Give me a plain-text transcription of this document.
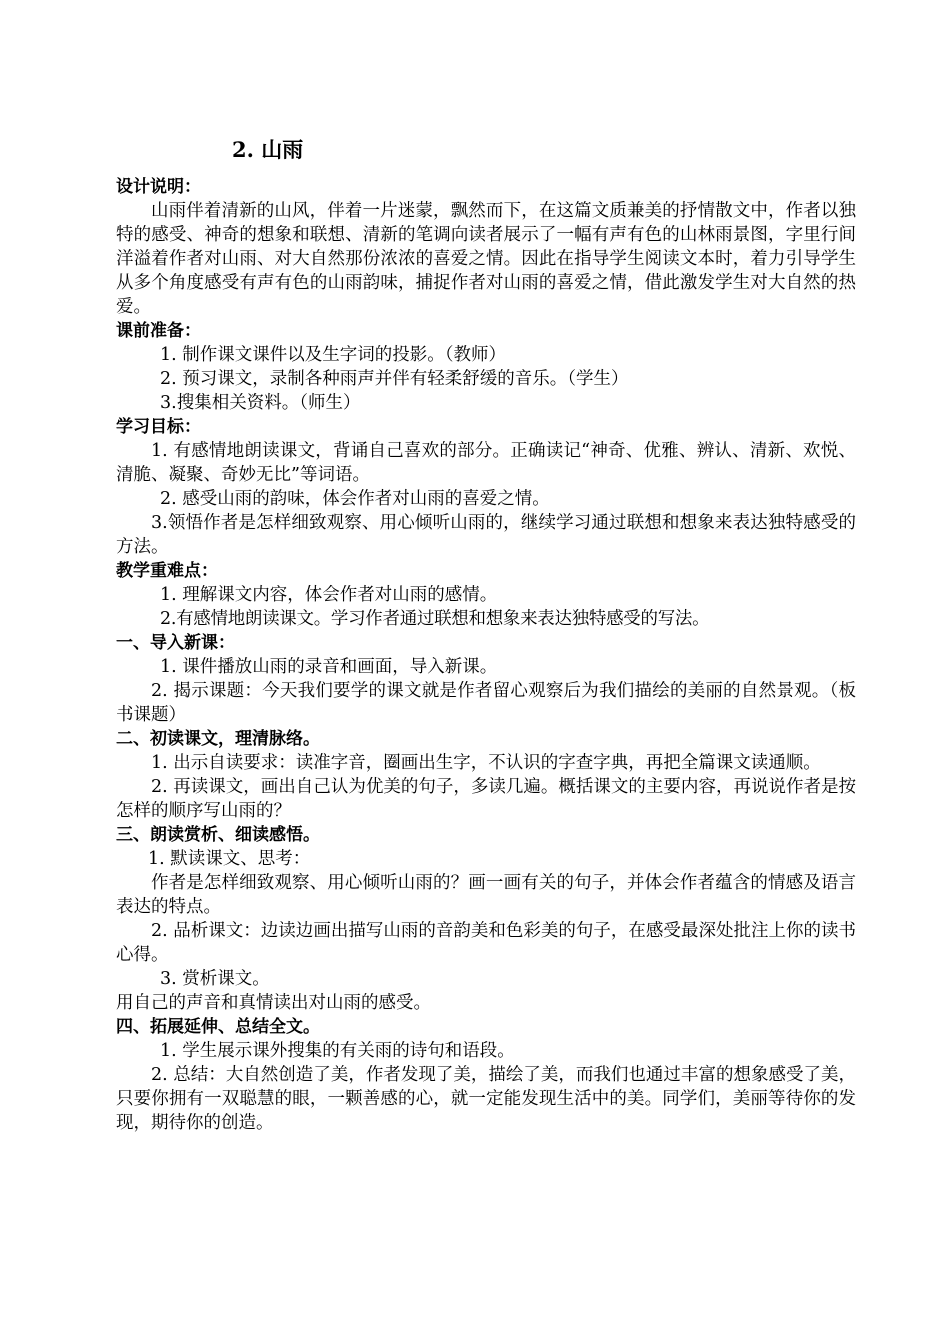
2. 山雨
设计说明：
山雨伴着清新的山风，伴着一片迷蒙，飘然而下，在这篇文质兼美的抒情散文中，作者以独特的感受、神奇的想象和联想、清新的笔调向读者展示了一幅有声有色的山林雨景图，字里行间洋溢着作者对山雨、对大自然那份浓浓的喜爱之情。因此在指导学生阅读文本时，着力引导学生从多个角度感受有声有色的山雨韵味，捕捉作者对山雨的喜爱之情，借此激发学生对大自然的热爱。
课前准备：
1. 制作课文课件以及生字词的投影。（教师）
2. 预习课文，录制各种雨声并伴有轻柔舒缓的音乐。（学生）
3.搜集相关资料。（师生）
学习目标：
1. 有感情地朗读课文，背诵自己喜欢的部分。正确读记“神奇、优雅、辨认、清新、欢悦、清脆、凝聚、奇妙无比”等词语。
2. 感受山雨的韵味，体会作者对山雨的喜爱之情。
3.领悟作者是怎样细致观察、用心倾听山雨的，继续学习通过联想和想象来表达独特感受的方法。
教学重难点：
1. 理解课文内容，体会作者对山雨的感情。
2.有感情地朗读课文。学习作者通过联想和想象来表达独特感受的写法。
一、导入新课：
1. 课件播放山雨的录音和画面，导入新课。
2. 揭示课题：今天我们要学的课文就是作者留心观察后为我们描绘的美丽的自然景观。（板书课题）
二、初读课文，理清脉络。
1. 出示自读要求：读准字音，圈画出生字，不认识的字查字典，再把全篇课文读通顺。
2. 再读课文，画出自己认为优美的句子，多读几遍。概括课文的主要内容，再说说作者是按怎样的顺序写山雨的？
三、朗读赏析、细读感悟。
1. 默读课文、思考：
作者是怎样细致观察、用心倾听山雨的？画一画有关的句子，并体会作者蕴含的情感及语言表达的特点。
2. 品析课文：边读边画出描写山雨的音韵美和色彩美的句子，在感受最深处批注上你的读书心得。
3. 赏析课文。
用自己的声音和真情读出对山雨的感受。
四、拓展延伸、总结全文。
1. 学生展示课外搜集的有关雨的诗句和语段。
2. 总结：大自然创造了美，作者发现了美，描绘了美，而我们也通过丰富的想象感受了美，只要你拥有一双聪慧的眼，一颗善感的心，就一定能发现生活中的美。同学们，美丽等待你的发现，期待你的创造。
